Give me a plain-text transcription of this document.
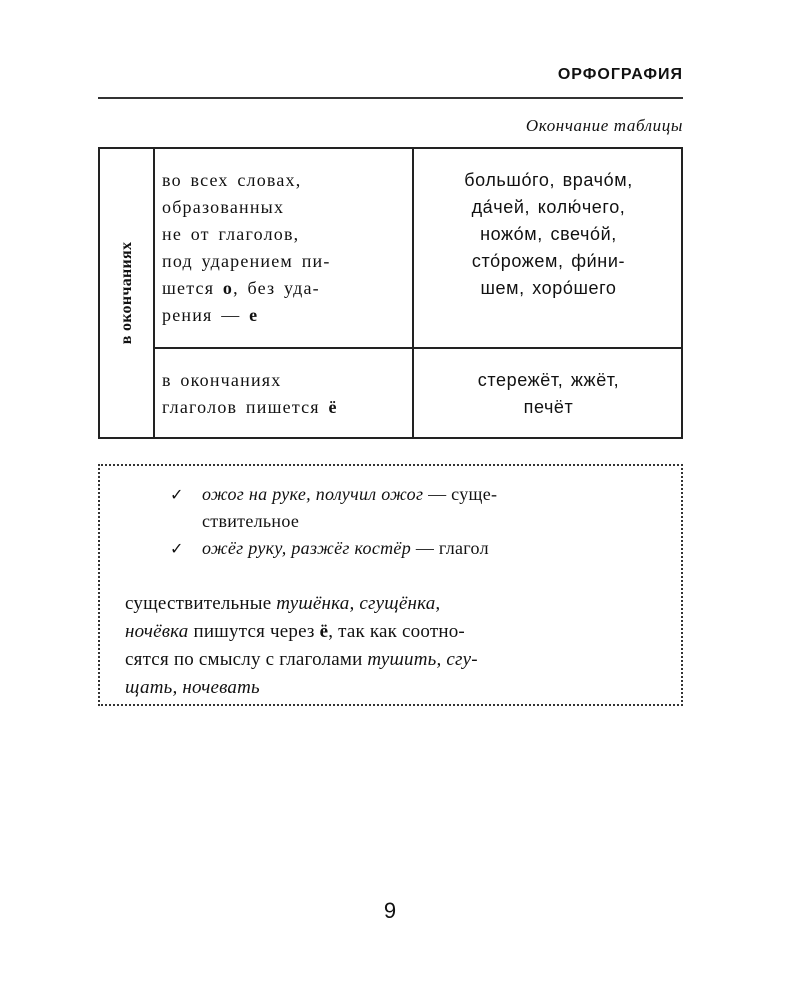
ОРФОГРАФИЯ
Окончание таблицы
в окончаниях
во всех словах,
образованных
не от глаголов,
под ударением пи-
шется о, без уда-
рения — е
большо́го, врачо́м,
да́чей, колю́чего,
ножо́м, свечо́й,
сто́рожем, фи́ни-
шем, хоро́шего
в окончаниях
глаголов пишется ё
стережёт, жжёт,
печёт
✓ ожог на руке, получил ожог — суще-
ствительное
✓ ожёг руку, разжёг костёр — глагол
существительные тушёнка, сгущёнка,
ночёвка пишутся через ё, так как соотно-
сятся по смыслу с глаголами тушить, сгу-
щать, ночевать
9
